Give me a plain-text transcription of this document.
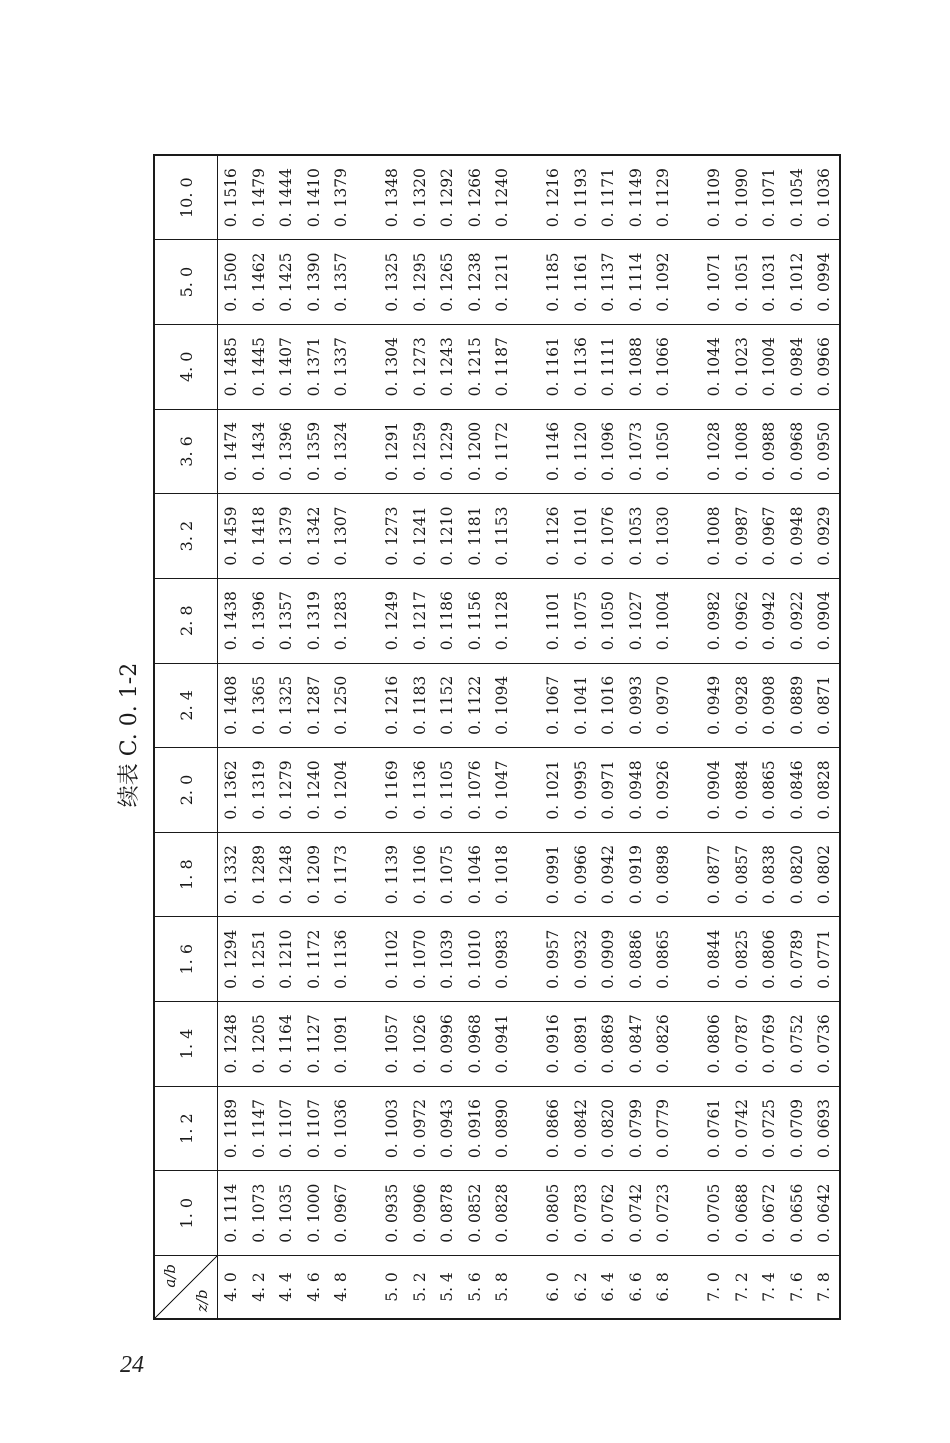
24
续表 C. 0. 1-2
a/b
z/b	1. 0	1. 2	1. 4	1. 6	1. 8	2. 0	2. 4	2. 8	3. 2	3. 6	4. 0	5. 0	10. 0
4. 0	0. 1114	0. 1189	0. 1248	0. 1294	0. 1332	0. 1362	0. 1408	0. 1438	0. 1459	0. 1474	0. 1485	0. 1500	0. 1516
4. 2	0. 1073	0. 1147	0. 1205	0. 1251	0. 1289	0. 1319	0. 1365	0. 1396	0. 1418	0. 1434	0. 1445	0. 1462	0. 1479
4. 4	0. 1035	0. 1107	0. 1164	0. 1210	0. 1248	0. 1279	0. 1325	0. 1357	0. 1379	0. 1396	0. 1407	0. 1425	0. 1444
4. 6	0. 1000	0. 1107	0. 1127	0. 1172	0. 1209	0. 1240	0. 1287	0. 1319	0. 1342	0. 1359	0. 1371	0. 1390	0. 1410
4. 8	0. 0967	0. 1036	0. 1091	0. 1136	0. 1173	0. 1204	0. 1250	0. 1283	0. 1307	0. 1324	0. 1337	0. 1357	0. 1379

5. 0	0. 0935	0. 1003	0. 1057	0. 1102	0. 1139	0. 1169	0. 1216	0. 1249	0. 1273	0. 1291	0. 1304	0. 1325	0. 1348
5. 2	0. 0906	0. 0972	0. 1026	0. 1070	0. 1106	0. 1136	0. 1183	0. 1217	0. 1241	0. 1259	0. 1273	0. 1295	0. 1320
5. 4	0. 0878	0. 0943	0. 0996	0. 1039	0. 1075	0. 1105	0. 1152	0. 1186	0. 1210	0. 1229	0. 1243	0. 1265	0. 1292
5. 6	0. 0852	0. 0916	0. 0968	0. 1010	0. 1046	0. 1076	0. 1122	0. 1156	0. 1181	0. 1200	0. 1215	0. 1238	0. 1266
5. 8	0. 0828	0. 0890	0. 0941	0. 0983	0. 1018	0. 1047	0. 1094	0. 1128	0. 1153	0. 1172	0. 1187	0. 1211	0. 1240

6. 0	0. 0805	0. 0866	0. 0916	0. 0957	0. 0991	0. 1021	0. 1067	0. 1101	0. 1126	0. 1146	0. 1161	0. 1185	0. 1216
6. 2	0. 0783	0. 0842	0. 0891	0. 0932	0. 0966	0. 0995	0. 1041	0. 1075	0. 1101	0. 1120	0. 1136	0. 1161	0. 1193
6. 4	0. 0762	0. 0820	0. 0869	0. 0909	0. 0942	0. 0971	0. 1016	0. 1050	0. 1076	0. 1096	0. 1111	0. 1137	0. 1171
6. 6	0. 0742	0. 0799	0. 0847	0. 0886	0. 0919	0. 0948	0. 0993	0. 1027	0. 1053	0. 1073	0. 1088	0. 1114	0. 1149
6. 8	0. 0723	0. 0779	0. 0826	0. 0865	0. 0898	0. 0926	0. 0970	0. 1004	0. 1030	0. 1050	0. 1066	0. 1092	0. 1129

7. 0	0. 0705	0. 0761	0. 0806	0. 0844	0. 0877	0. 0904	0. 0949	0. 0982	0. 1008	0. 1028	0. 1044	0. 1071	0. 1109
7. 2	0. 0688	0. 0742	0. 0787	0. 0825	0. 0857	0. 0884	0. 0928	0. 0962	0. 0987	0. 1008	0. 1023	0. 1051	0. 1090
7. 4	0. 0672	0. 0725	0. 0769	0. 0806	0. 0838	0. 0865	0. 0908	0. 0942	0. 0967	0. 0988	0. 1004	0. 1031	0. 1071
7. 6	0. 0656	0. 0709	0. 0752	0. 0789	0. 0820	0. 0846	0. 0889	0. 0922	0. 0948	0. 0968	0. 0984	0. 1012	0. 1054
7. 8	0. 0642	0. 0693	0. 0736	0. 0771	0. 0802	0. 0828	0. 0871	0. 0904	0. 0929	0. 0950	0. 0966	0. 0994	0. 1036
